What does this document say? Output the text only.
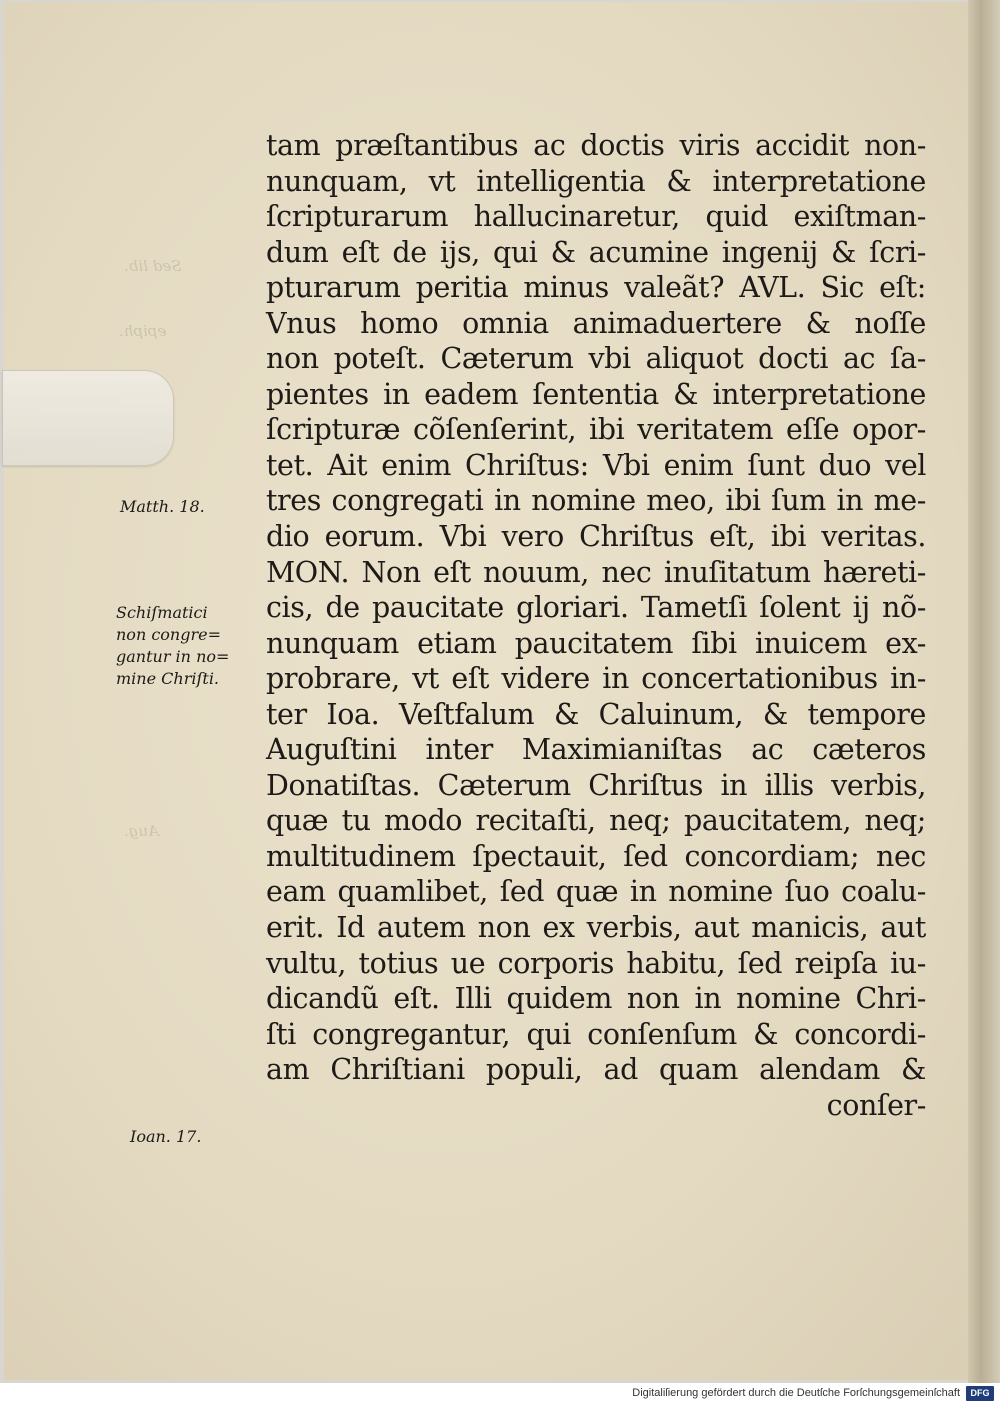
Sed lib.
epiph.
Aug.
Matth. 18.
Schiſmatici
non congre=
gantur in no=
mine Chriſti.
Ioan. 17.
tam præſtantibus ac doctis viris accidit non-
nunquam, vt intelligentia & interpretatione
ſcripturarum hallucinaretur, quid exiſtman-
dum eſt de ijs, qui & acumine ingenij & ſcri-
pturarum peritia minus valeãt? AVL. Sic eſt:
Vnus homo omnia animaduertere & noſſe
non poteſt. Cæterum vbi aliquot docti ac ſa-
pientes in eadem ſententia & interpretatione
ſcripturæ cõſenſerint, ibi veritatem eſſe opor-
tet. Ait enim Chriſtus: Vbi enim ſunt duo vel
tres congregati in nomine meo, ibi ſum in me-
dio eorum. Vbi vero Chriſtus eſt, ibi veritas.
MON. Non eſt nouum, nec inuſitatum hæreti-
cis, de paucitate gloriari. Tametſi ſolent ij nõ-
nunquam etiam paucitatem ſibi inuicem ex-
probrare, vt eſt videre in concertationibus in-
ter Ioa. Veſtfalum & Caluinum, & tempore
Auguſtini inter Maximianiſtas ac cæteros
Donatiſtas. Cæterum Chriſtus in illis verbis,
quæ tu modo recitaſti, neq; paucitatem, neq;
multitudinem ſpectauit, ſed concordiam; nec
eam quamlibet, ſed quæ in nomine ſuo coalu-
erit. Id autem non ex verbis, aut manicis, aut
vultu, totius ue corporis habitu, ſed reipſa iu-
dicandũ eſt. Illi quidem non in nomine Chri-
ſti congregantur, qui conſenſum & concordi-
am Chriſtiani populi, ad quam alendam &
conſer-
Digitaliſierung gefördert durch die Deutſche Forſchungsgemeinſchaft	DFG
